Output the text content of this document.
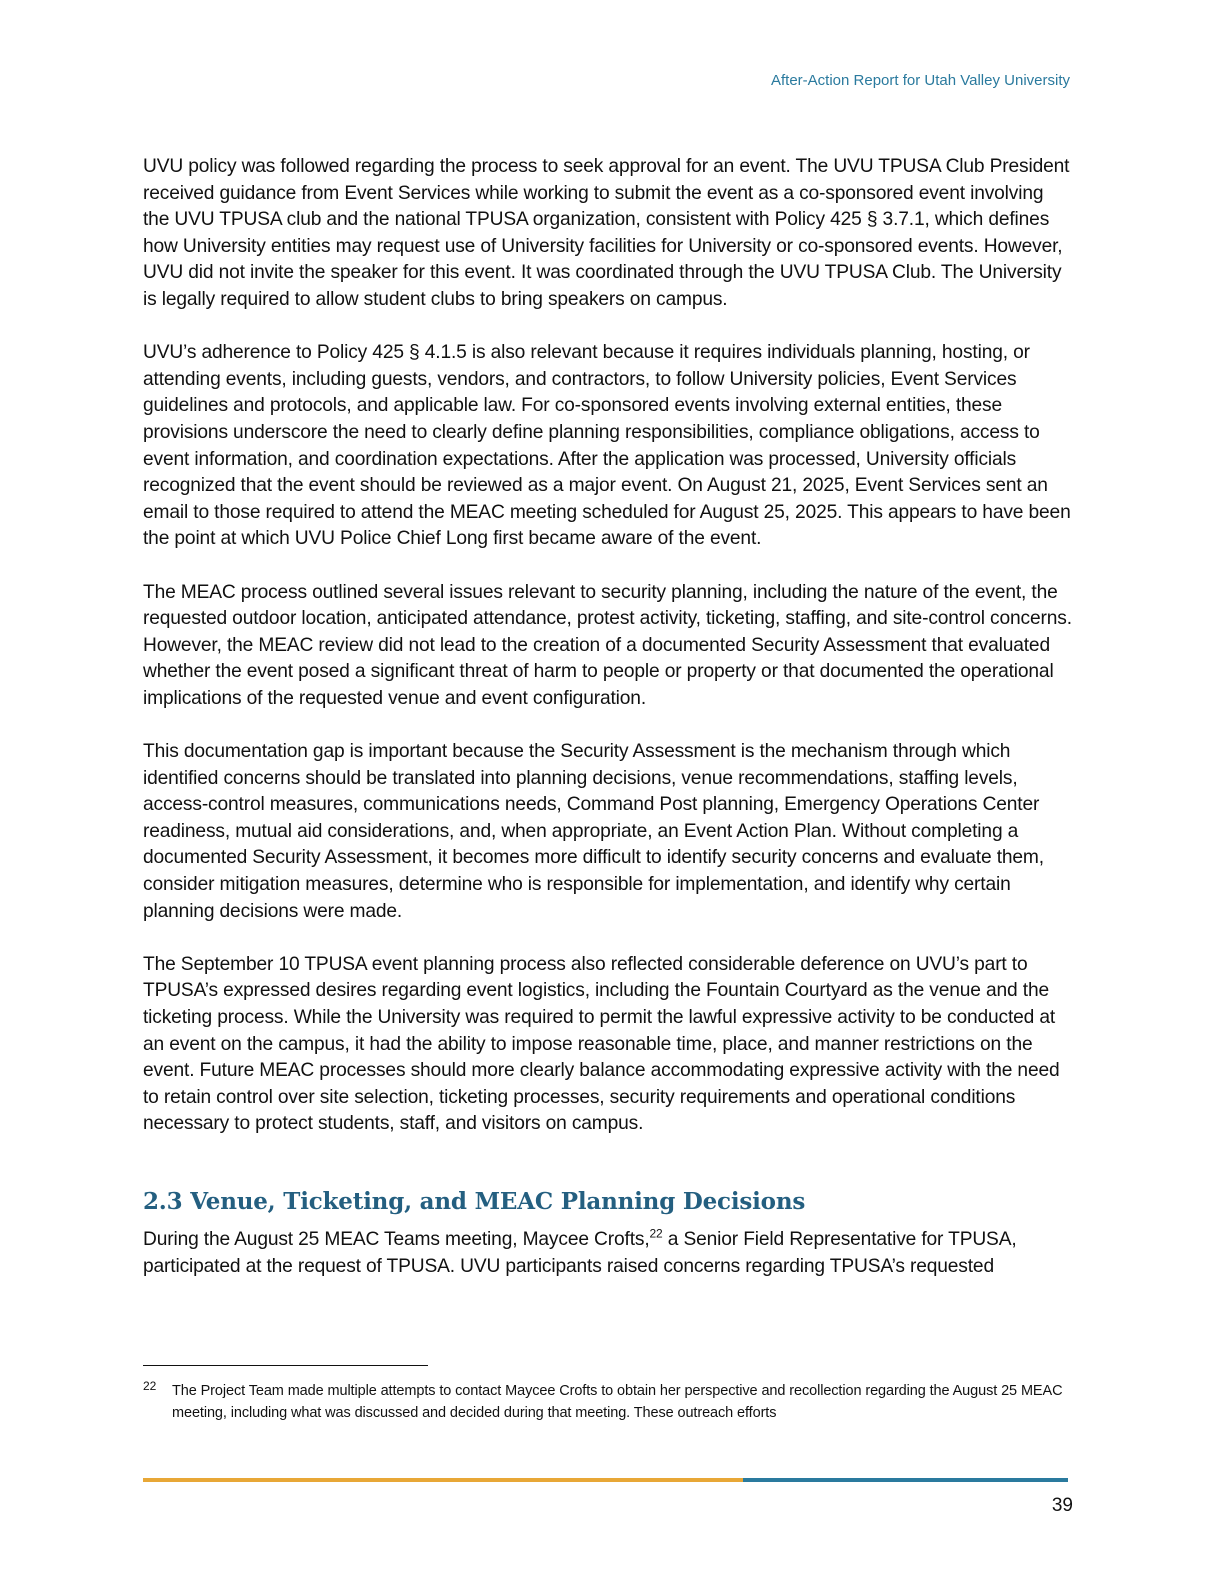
After-Action Report for Utah Valley University

UVU policy was followed regarding the process to seek approval for an event. The UVU TPUSA Club President received guidance from Event Services while working to submit the event as a co-sponsored event involving the UVU TPUSA club and the national TPUSA organization, consistent with Policy 425 § 3.7.1, which defines how University entities may request use of University facilities for University or co-sponsored events. However, UVU did not invite the speaker for this event. It was coordinated through the UVU TPUSA Club. The University is legally required to allow student clubs to bring speakers on campus.

UVU’s adherence to Policy 425 § 4.1.5 is also relevant because it requires individuals planning, hosting, or attending events, including guests, vendors, and contractors, to follow University policies, Event Services guidelines and protocols, and applicable law. For co-sponsored events involving external entities, these provisions underscore the need to clearly define planning responsibilities, compliance obligations, access to event information, and coordination expectations. After the application was processed, University officials recognized that the event should be reviewed as a major event. On August 21, 2025, Event Services sent an email to those required to attend the MEAC meeting scheduled for August 25, 2025. This appears to have been the point at which UVU Police Chief Long first became aware of the event.

The MEAC process outlined several issues relevant to security planning, including the nature of the event, the requested outdoor location, anticipated attendance, protest activity, ticketing, staffing, and site-control concerns. However, the MEAC review did not lead to the creation of a documented Security Assessment that evaluated whether the event posed a significant threat of harm to people or property or that documented the operational implications of the requested venue and event configuration.

This documentation gap is important because the Security Assessment is the mechanism through which identified concerns should be translated into planning decisions, venue recommendations, staffing levels, access-control measures, communications needs, Command Post planning, Emergency Operations Center readiness, mutual aid considerations, and, when appropriate, an Event Action Plan. Without completing a documented Security Assessment, it becomes more difficult to identify security concerns and evaluate them, consider mitigation measures, determine who is responsible for implementation, and identify why certain planning decisions were made.

The September 10 TPUSA event planning process also reflected considerable deference on UVU’s part to TPUSA’s expressed desires regarding event logistics, including the Fountain Courtyard as the venue and the ticketing process. While the University was required to permit the lawful expressive activity to be conducted at an event on the campus, it had the ability to impose reasonable time, place, and manner restrictions on the event. Future MEAC processes should more clearly balance accommodating expressive activity with the need to retain control over site selection, ticketing processes, security requirements and operational conditions necessary to protect students, staff, and visitors on campus.

2.3 Venue, Ticketing, and MEAC Planning Decisions

During the August 25 MEAC Teams meeting, Maycee Crofts,$^{22}$ a Senior Field Representative for TPUSA, participated at the request of TPUSA. UVU participants raised concerns regarding TPUSA’s requested

22 The Project Team made multiple attempts to contact Maycee Crofts to obtain her perspective and recollection regarding the August 25 MEAC meeting, including what was discussed and decided during that meeting. These outreach efforts
39
